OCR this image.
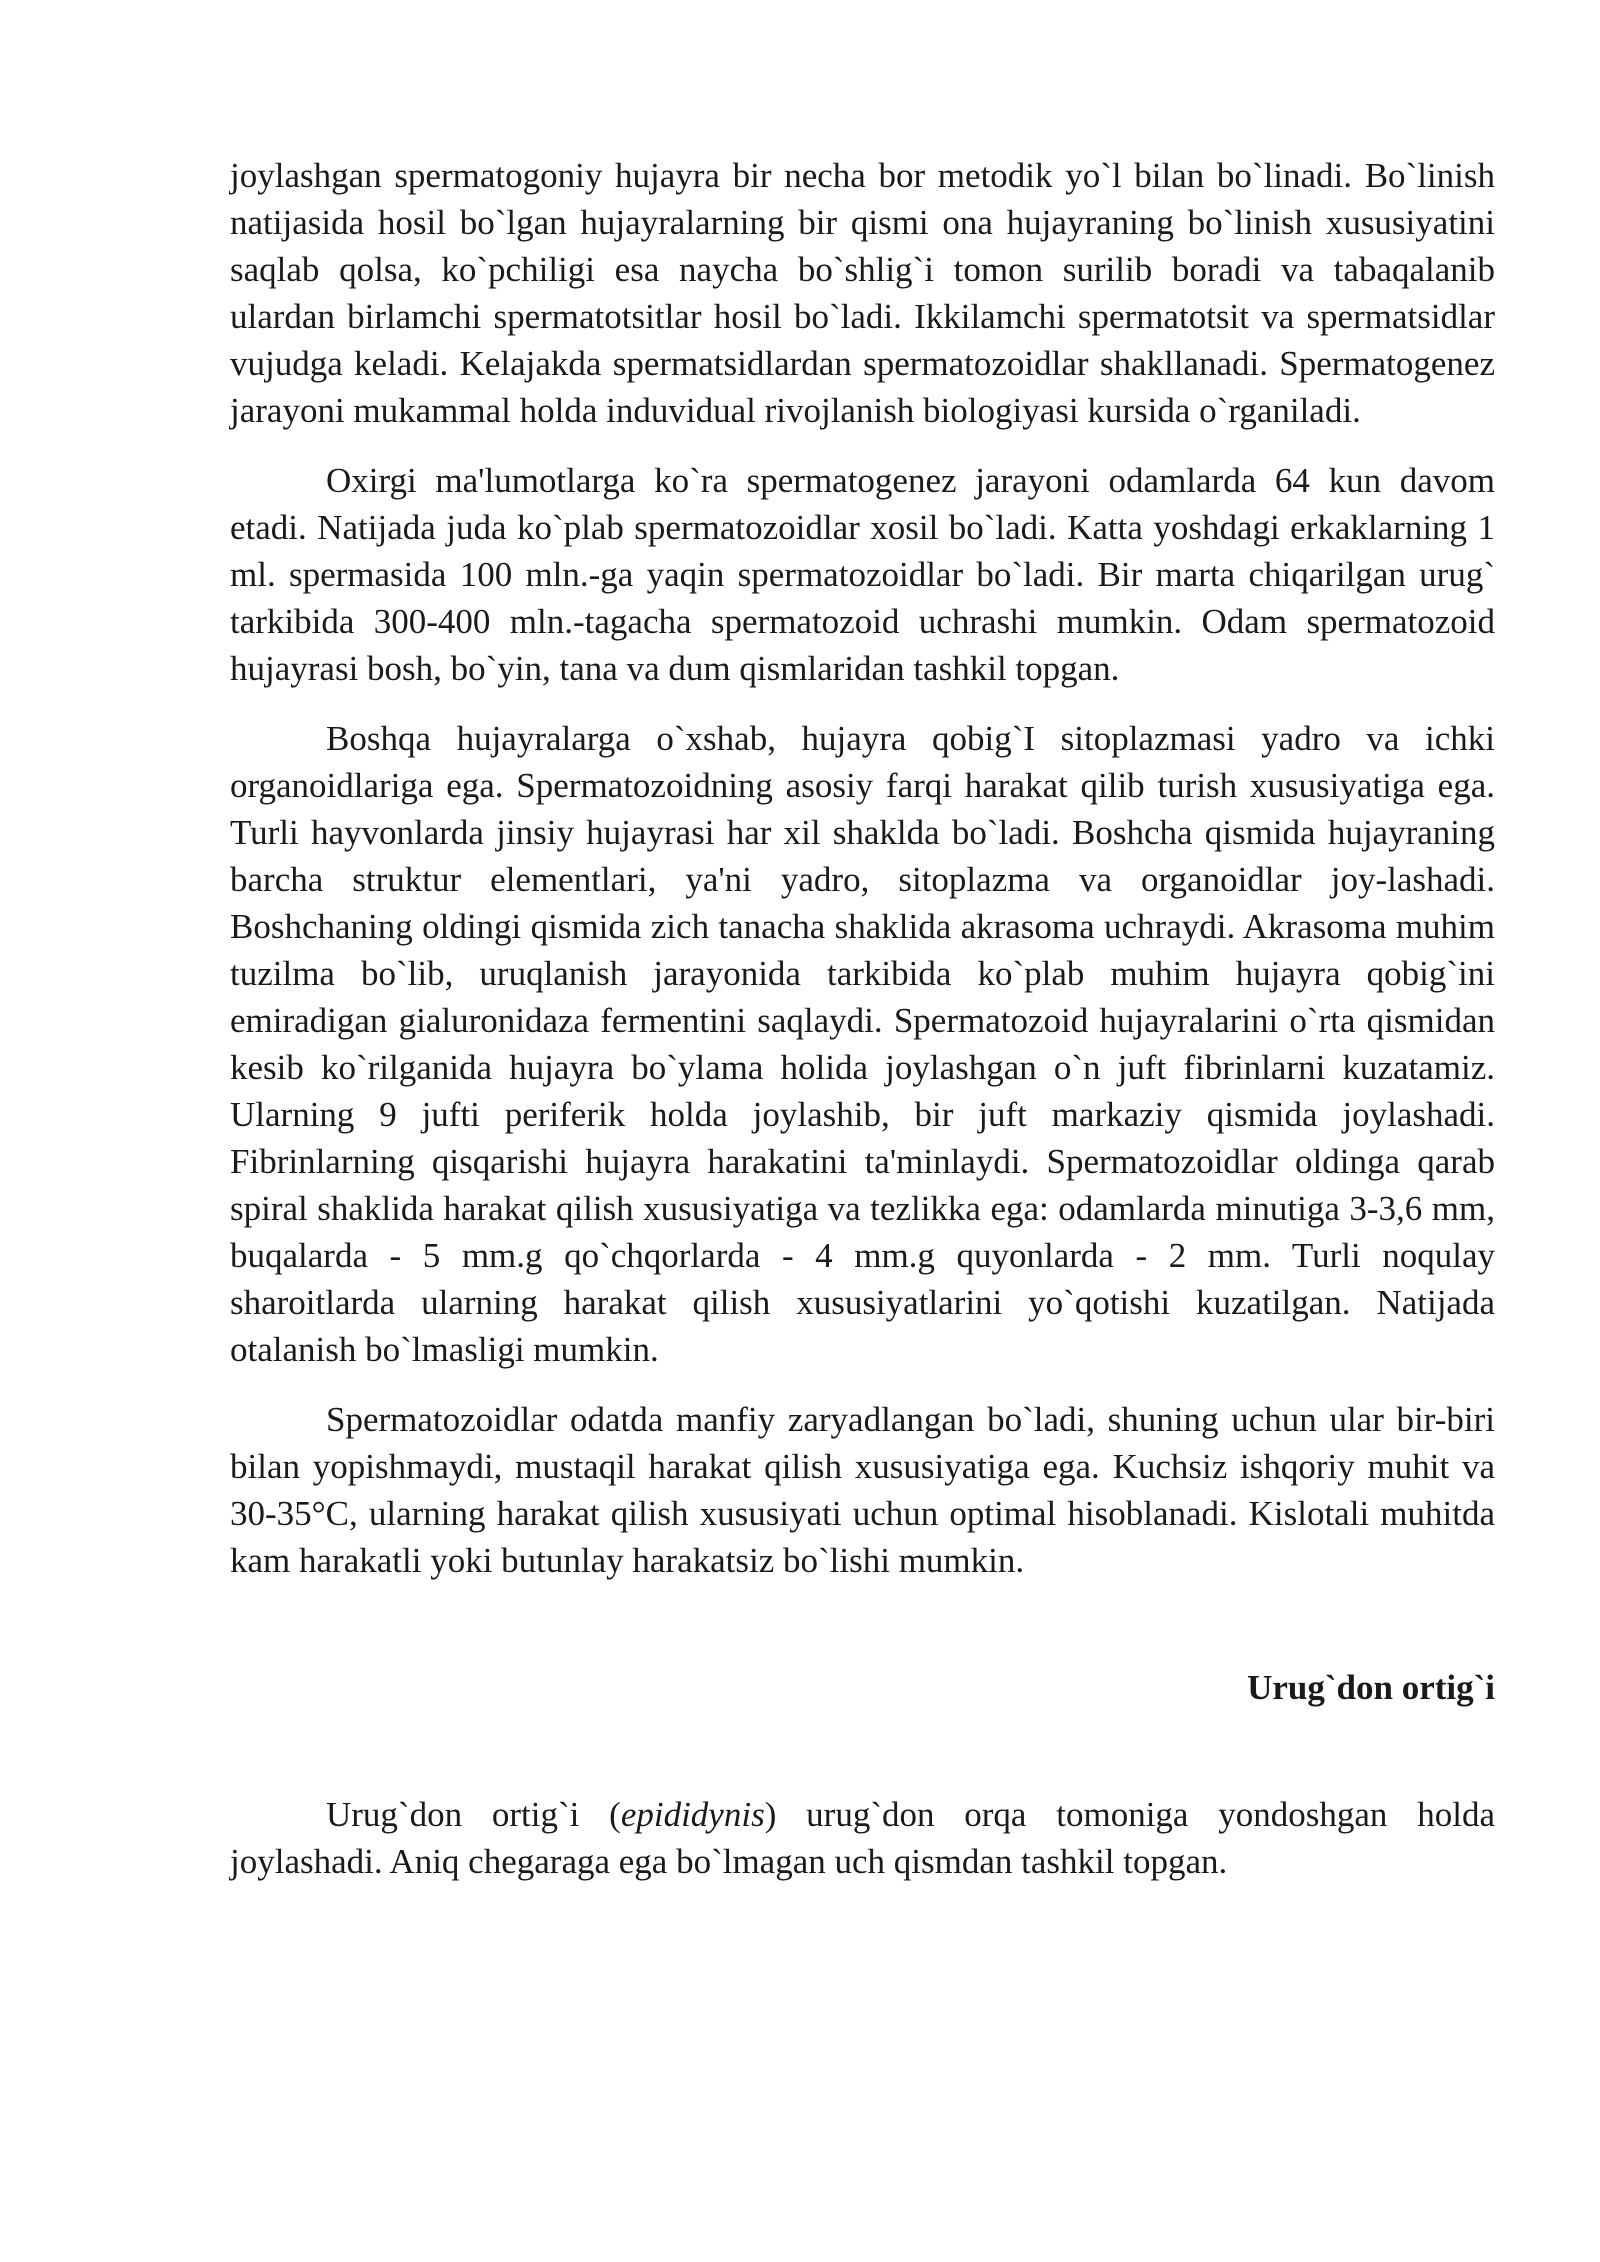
joylashgan spermatogoniy hujayra bir necha bor metodik yo`l bilan bo`linadi. Bo`linish natijasida hosil bo`lgan hujayralarning bir qismi ona hujayraning bo`linish xususiyatini saqlab qolsa, ko`pchiligi esa naycha bo`shlig`i tomon surilib boradi va tabaqalanib ulardan birlamchi spermatotsitlar hosil bo`ladi. Ikkilamchi spermatotsit va spermatsidlar vujudga keladi. Kelajakda spermatsidlardan spermatozoidlar shakllanadi. Spermatogenez jarayoni mukammal holda induvidual rivojlanish biologiyasi kursida o`rganiladi.

Oxirgi ma'lumotlarga ko`ra spermatogenez jarayoni odamlarda 64 kun davom etadi. Natijada juda ko`plab spermatozoidlar xosil bo`ladi. Katta yoshdagi erkaklarning 1 ml. spermasida 100 mln.-ga yaqin spermatozoidlar bo`ladi. Bir marta chiqarilgan urug` tarkibida 300-400 mln.-tagacha spermatozoid uchrashi mumkin. Odam spermatozoid hujayrasi bosh, bo`yin, tana va dum qismlaridan tashkil topgan.

Boshqa hujayralarga o`xshab, hujayra qobig`I sitoplazmasi yadro va ichki organoidlariga ega. Spermatozoidning asosiy farqi harakat qilib turish xususiyatiga ega. Turli hayvonlarda jinsiy hujayrasi har xil shaklda bo`ladi. Boshcha qismida hujayraning barcha struktur elementlari, ya'ni yadro, sitoplazma va organoidlar joy-lashadi. Boshchaning oldingi qismida zich tanacha shaklida akrasoma uchraydi. Akrasoma muhim tuzilma bo`lib, uruqlanish jarayonida tarkibida ko`plab muhim hujayra qobig`ini emiradigan gialuronidaza fermentini saqlaydi. Spermatozoid hujayralarini o`rta qismidan kesib ko`rilganida hujayra bo`ylama holida joylashgan o`n juft fibrinlarni kuzatamiz. Ularning 9 jufti periferik holda joylashib, bir juft markaziy qismida joylashadi. Fibrinlarning qisqarishi hujayra harakatini ta'minlaydi. Spermatozoidlar oldinga qarab spiral shaklida harakat qilish xususiyatiga va tezlikka ega: odamlarda minutiga 3-3,6 mm, buqalarda - 5 mm.g qo`chqorlarda - 4 mm.g quyonlarda - 2 mm. Turli noqulay sharoitlarda ularning harakat qilish xususiyatlarini yo`qotishi kuzatilgan. Natijada otalanish bo`lmasligi mumkin.

Spermatozoidlar odatda manfiy zaryadlangan bo`ladi, shuning uchun ular bir-biri bilan yopishmaydi, mustaqil harakat qilish xususiyatiga ega. Kuchsiz ishqoriy muhit va 30-35°C, ularning harakat qilish xususiyati uchun optimal hisoblanadi. Kislotali muhitda kam harakatli yoki butunlay harakatsiz bo`lishi mumkin.

Urug`don ortig`i

Urug`don ortig`i (epididynis) urug`don orqa tomoniga yondoshgan holda joylashadi. Aniq chegaraga ega bo`lmagan uch qismdan tashkil topgan.
